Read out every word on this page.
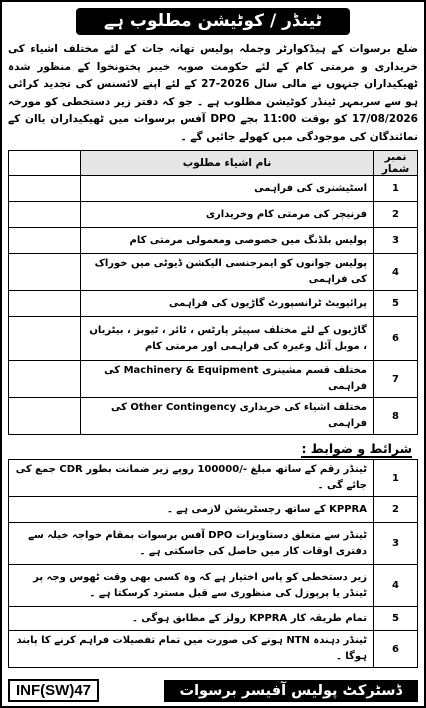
ٹینڈر / کوٹیشن مطلوب ہے

ضلع برسوات کے ہیڈکوارٹر وجملہ پولیس تھانہ جات کے لئے مختلف اشیاء کی خریداری و مرمتی کام کے لئے حکومت صوبہ خیبر پختونخوا کے منظور شدہ ٹھیکیداران جنہوں نے مالی سال 2026-27 کے لئے اپنے لائسنس کی تجدید کرائی ہو سے سربمہر ٹینڈر کوٹیشن مطلوب ہے ۔ جو کہ دفتر زیر دستخطی کو مورخہ 17/08/2026 کو بوقت 11:00 بجے DPO آفس برسوات میں ٹھیکیداران یاان کے نمائندگان کی موجودگی میں کھولے جائیں گے ۔

نمبر شمار	نام اشیاء مطلوب	
1	اسٹیشنری کی فراہمی	
2	فرنیچر کی مرمتی کام وخریداری	
3	پولیس بلڈنگ میں خصوصی ومعمولی مرمتی کام	
4	پولیس جوانوں کو ایمرجنسی الیکشن ڈیوٹی میں خوراک کی فراہمی	
5	پرائیویٹ ٹرانسپورٹ گاڑیوں کی فراہمی	
6	گاڑیوں کے لئے مختلف سپیئر پارٹس ، ٹائر ، ٹیوبز ، بیٹریاں ، موبل آئل وغیرہ کی فراہمی اور مرمتی کام	
7	مختلف قسم مشینری Machinery & Equipment کی فراہمی	
8	مختلف اشیاء کی خریداری Other Contingency کی فراہمی	
شرائط و ضوابط :
1	ٹینڈر رقم کے ساتھ مبلغ -/100000 روپے زیر ضمانت بطور CDR جمع کی جائے گی ۔
2	KPPRA کے ساتھ رجسٹریشن لازمی ہے ۔
3	ٹینڈر سے متعلق دستاویزات DPO آفس برسوات بمقام خواجہ خیلہ سے دفتری اوقات کار میں حاصل کی جاسکتی ہے ۔
4	زیر دستخطی کو پاس اختیار ہے کہ وہ کسی بھی وقت ٹھوس وجہ پر ٹینڈر یا پرپوزل کی منظوری سے قبل مسترد کرسکتا ہے ۔
5	تمام طریقہ کار KPPRA رولز کے مطابق ہوگی ۔
6	ٹینڈر دہندہ NTN ہونے کی صورت میں تمام تفصیلات فراہم کرنے کا پابند ہوگا ۔
INF(SW)47	ڈسٹرکٹ پولیس آفیسر برسوات
